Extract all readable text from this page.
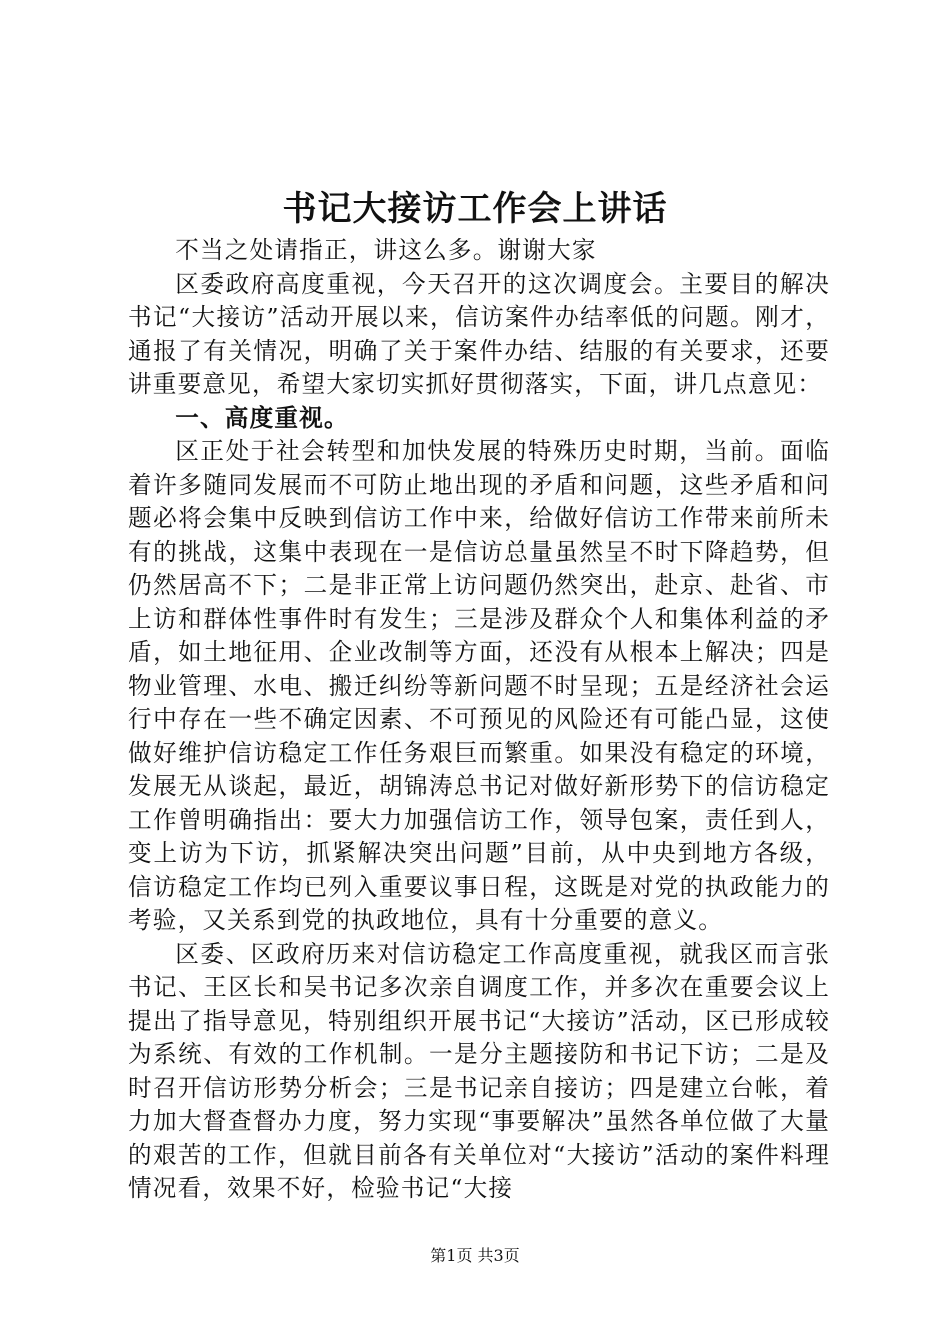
书记大接访工作会上讲话

不当之处请指正，讲这么多。谢谢大家

区委政府高度重视，今天召开的这次调度会。主要目的解决书记“大接访”活动开展以来，信访案件办结率低的问题。刚才，通报了有关情况，明确了关于案件办结、结服的有关要求，还要讲重要意见，希望大家切实抓好贯彻落实，下面，讲几点意见：

一、高度重视。

区正处于社会转型和加快发展的特殊历史时期，当前。面临着许多随同发展而不可防止地出现的矛盾和问题，这些矛盾和问题必将会集中反映到信访工作中来，给做好信访工作带来前所未有的挑战，这集中表现在一是信访总量虽然呈不时下降趋势，但仍然居高不下；二是非正常上访问题仍然突出，赴京、赴省、市上访和群体性事件时有发生；三是涉及群众个人和集体利益的矛盾，如土地征用、企业改制等方面，还没有从根本上解决；四是物业管理、水电、搬迁纠纷等新问题不时呈现；五是经济社会运行中存在一些不确定因素、不可预见的风险还有可能凸显，这使做好维护信访稳定工作任务艰巨而繁重。如果没有稳定的环境，发展无从谈起，最近，胡锦涛总书记对做好新形势下的信访稳定工作曾明确指出：要大力加强信访工作，领导包案，责任到人，变上访为下访，抓紧解决突出问题”目前，从中央到地方各级，信访稳定工作均已列入重要议事日程，这既是对党的执政能力的考验，又关系到党的执政地位，具有十分重要的意义。

区委、区政府历来对信访稳定工作高度重视，就我区而言张书记、王区长和吴书记多次亲自调度工作，并多次在重要会议上提出了指导意见，特别组织开展书记“大接访”活动，区已形成较为系统、有效的工作机制。一是分主题接防和书记下访；二是及时召开信访形势分析会；三是书记亲自接访；四是建立台帐，着力加大督查督办力度，努力实现“事要解决”虽然各单位做了大量的艰苦的工作，但就目前各有关单位对“大接访”活动的案件料理情况看，效果不好，检验书记“大接

第1页 共3页
